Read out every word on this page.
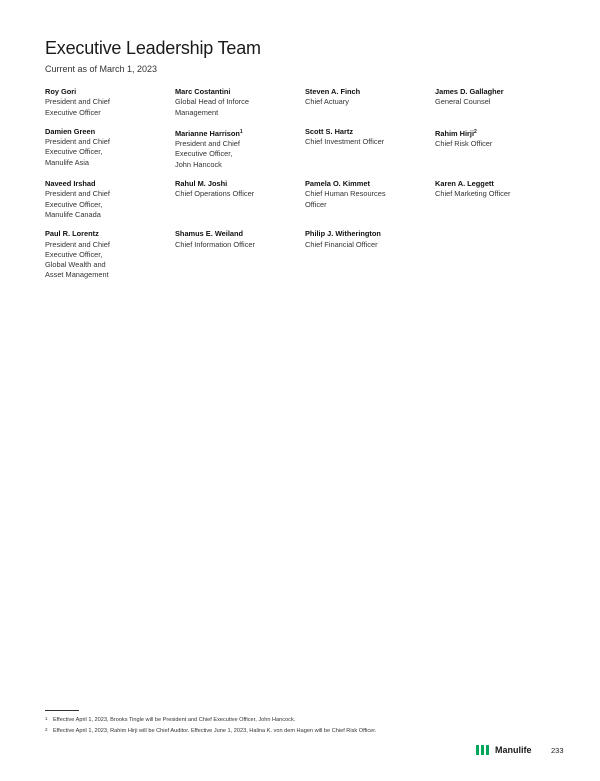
Executive Leadership Team

Current as of March 1, 2023

Roy Gori
President and Chief
Executive Officer
Marc Costantini
Global Head of Inforce
Management
Steven A. Finch
Chief Actuary
James D. Gallagher
General Counsel
Damien Green
President and Chief
Executive Officer,
Manulife Asia
Marianne Harrison$^1$
President and Chief
Executive Officer,
John Hancock
Scott S. Hartz
Chief Investment Officer
Rahim Hirji$^2$
Chief Risk Officer
Naveed Irshad
President and Chief
Executive Officer,
Manulife Canada
Rahul M. Joshi
Chief Operations Officer
Pamela O. Kimmet
Chief Human Resources
Officer
Karen A. Leggett
Chief Marketing Officer
Paul R. Lorentz
President and Chief
Executive Officer,
Global Wealth and
Asset Management
Shamus E. Weiland
Chief Information Officer
Philip J. Witherington
Chief Financial Officer
1 Effective April 1, 2023, Brooks Tingle will be President and Chief Executive Officer, John Hancock.
2 Effective April 1, 2023, Rahim Hirji will be Chief Auditor. Effective June 1, 2023, Halina K. von dem Hagen will be Chief Risk Officer.
Manulife	233
